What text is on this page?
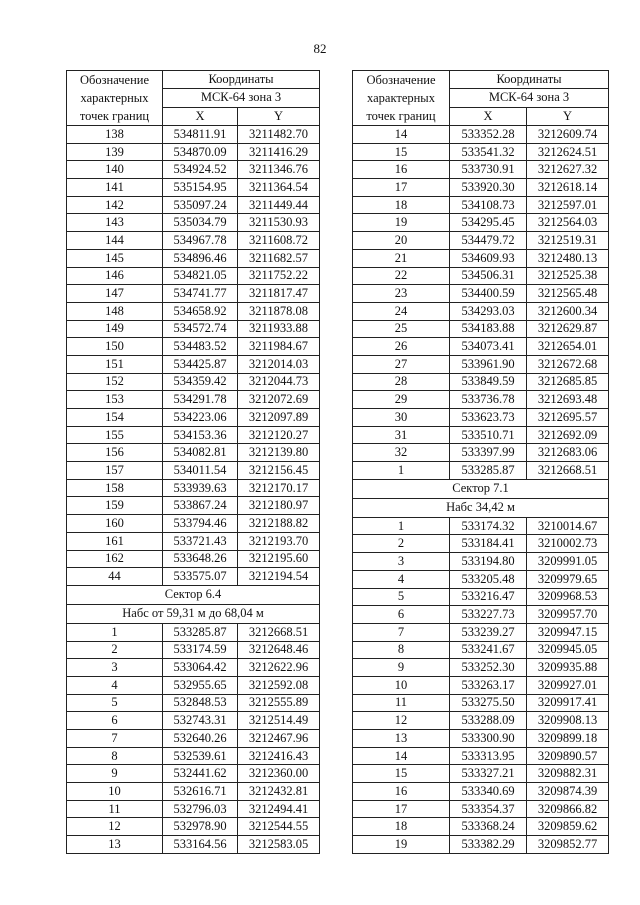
82
Обозначение
характерных
точек границ	Координаты	
	МСК-64 зона 3	
	X	Y
138	534811.91	3211482.70
139	534870.09	3211416.29
140	534924.52	3211346.76
141	535154.95	3211364.54
142	535097.24	3211449.44
143	535034.79	3211530.93
144	534967.78	3211608.72
145	534896.46	3211682.57
146	534821.05	3211752.22
147	534741.77	3211817.47
148	534658.92	3211878.08
149	534572.74	3211933.88
150	534483.52	3211984.67
151	534425.87	3212014.03
152	534359.42	3212044.73
153	534291.78	3212072.69
154	534223.06	3212097.89
155	534153.36	3212120.27
156	534082.81	3212139.80
157	534011.54	3212156.45
158	533939.63	3212170.17
159	533867.24	3212180.97
160	533794.46	3212188.82
161	533721.43	3212193.70
162	533648.26	3212195.60
44	533575.07	3212194.54
Сектор 6.4		
Набс от 59,31 м до 68,04 м		
1	533285.87	3212668.51
2	533174.59	3212648.46
3	533064.42	3212622.96
4	532955.65	3212592.08
5	532848.53	3212555.89
6	532743.31	3212514.49
7	532640.26	3212467.96
8	532539.61	3212416.43
9	532441.62	3212360.00
10	532616.71	3212432.81
11	532796.03	3212494.41
12	532978.90	3212544.55
13	533164.56	3212583.05
Обозначение
характерных
точек границ	Координаты	
	МСК-64 зона 3	
	X	Y
14	533352.28	3212609.74
15	533541.32	3212624.51
16	533730.91	3212627.32
17	533920.30	3212618.14
18	534108.73	3212597.01
19	534295.45	3212564.03
20	534479.72	3212519.31
21	534609.93	3212480.13
22	534506.31	3212525.38
23	534400.59	3212565.48
24	534293.03	3212600.34
25	534183.88	3212629.87
26	534073.41	3212654.01
27	533961.90	3212672.68
28	533849.59	3212685.85
29	533736.78	3212693.48
30	533623.73	3212695.57
31	533510.71	3212692.09
32	533397.99	3212683.06
1	533285.87	3212668.51
Сектор 7.1		
Набс 34,42 м		
1	533174.32	3210014.67
2	533184.41	3210002.73
3	533194.80	3209991.05
4	533205.48	3209979.65
5	533216.47	3209968.53
6	533227.73	3209957.70
7	533239.27	3209947.15
8	533241.67	3209945.05
9	533252.30	3209935.88
10	533263.17	3209927.01
11	533275.50	3209917.41
12	533288.09	3209908.13
13	533300.90	3209899.18
14	533313.95	3209890.57
15	533327.21	3209882.31
16	533340.69	3209874.39
17	533354.37	3209866.82
18	533368.24	3209859.62
19	533382.29	3209852.77
